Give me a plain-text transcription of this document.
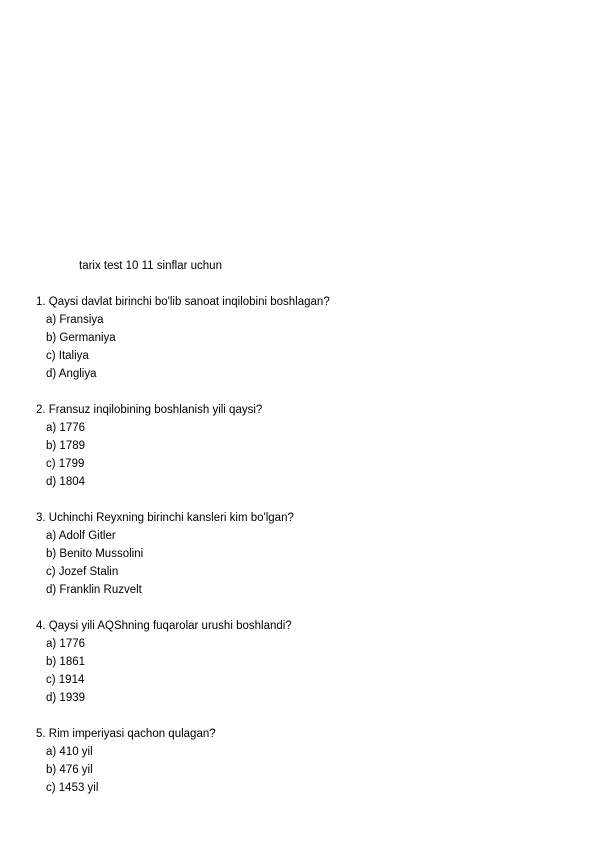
tarix test 10 11 sinflar uchun
1. Qaysi davlat birinchi bo'lib sanoat inqilobini boshlagan?
a) Fransiya
b) Germaniya
c) Italiya
d) Angliya
2. Fransuz inqilobining boshlanish yili qaysi?
a) 1776
b) 1789
c) 1799
d) 1804
3. Uchinchi Reyxning birinchi kansleri kim bo'lgan?
a) Adolf Gitler
b) Benito Mussolini
c) Jozef Stalin
d) Franklin Ruzvelt
4. Qaysi yili AQShning fuqarolar urushi boshlandi?
a) 1776
b) 1861
c) 1914
d) 1939
5. Rim imperiyasi qachon qulagan?
a) 410 yil
b) 476 yil
c) 1453 yil
